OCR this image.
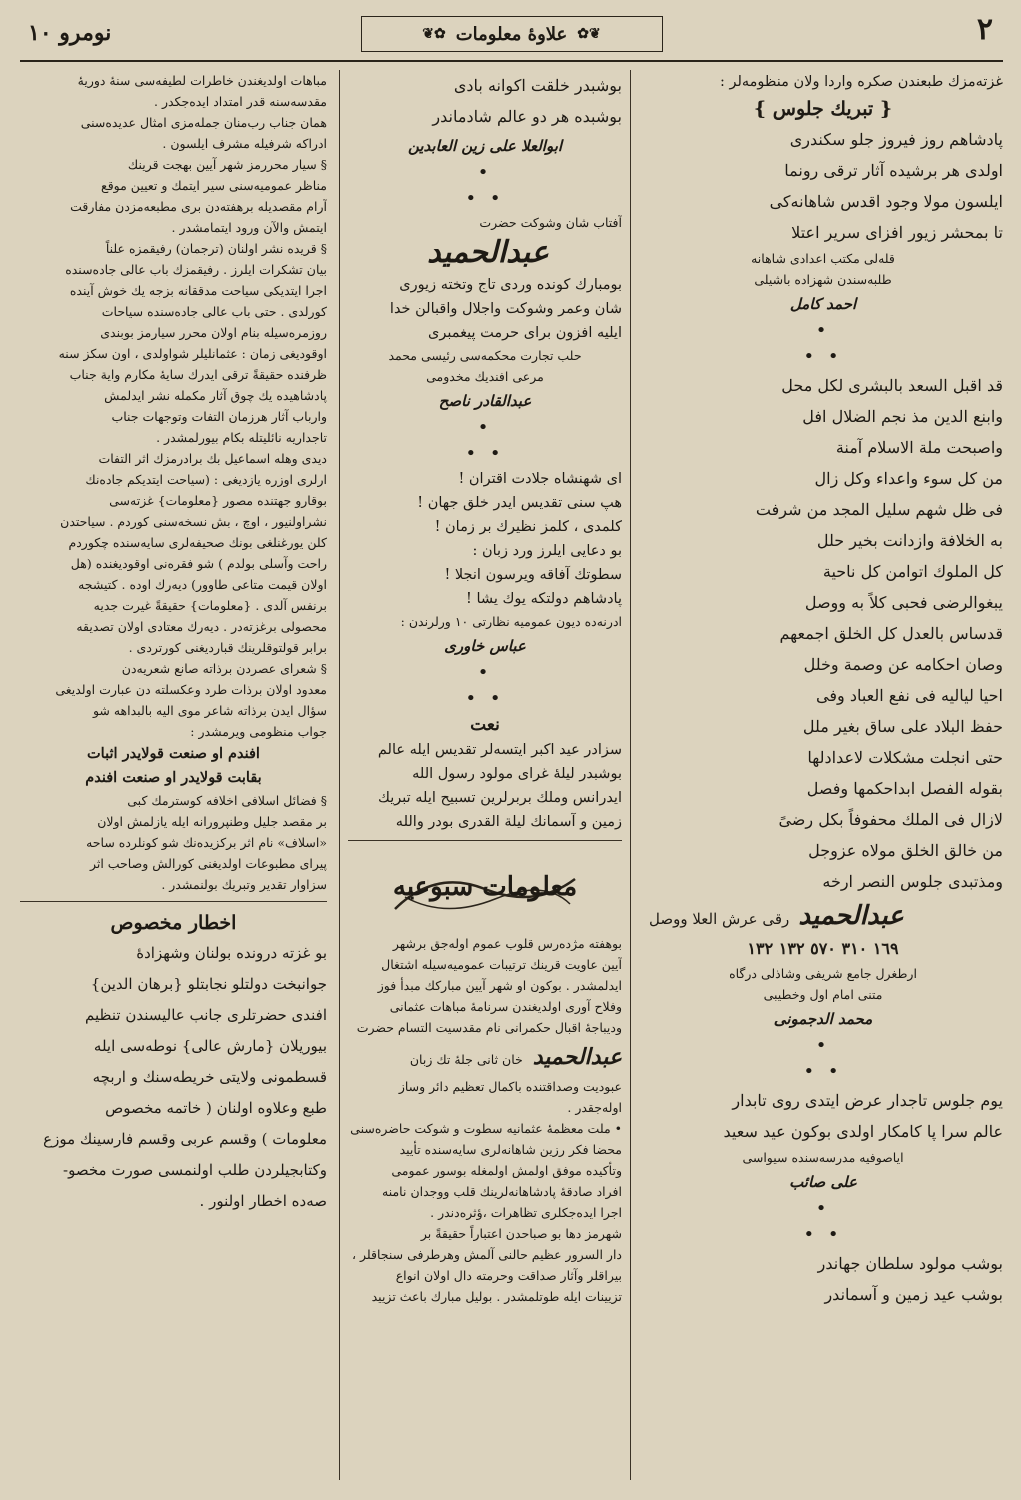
٢
✿❦
علاوهٔ معلومات
❦✿
نومرو ١٠
غزته‌مزك طبعندن صکره واردا ولان منظومه‌لر :
{ تبريك جلوس }
پادشاهم روز فيروز جلو سكندرى
اولدى هر برشيده آثار ترقى رونما
ايلسون مولا وجود اقدس شاهانه‌كى
تا بمحشر زيور افزاى سرير اعتلا
قله‌لى مكتب اعدادى شاهانه
طلبه‌سندن شهزاده باشيلى
احمد كامل
•
• •
قد اقبل السعد بالبشرى لكل محل
وابنع الدين مذ نجم الضلال افل
واصبحت ملة الاسلام آمنة
من كل سوء واعداء وكل زال
فى ظل شهم سليل المجد من شرفت
به الخلافة وازدانت بخير حلل
كل الملوك اتوامن كل ناحية
يبغوالرضى فحبى كلاً به ووصل
قدساس بالعدل كل الخلق اجمعهم
وصان احكامه عن وصمة وخلل
احيا لياليه فى نفع العباد وفى
حفظ البلاد على ساق بغير ملل
حتى انجلت مشكلات لاعدادلها
بقوله الفصل ابداحكمها وفصل
لازال فى الملك محفوفاً بكل رضىً
من خالق الخلق مولاه عزوجل
ومذتبدى جلوس النصر ارخه
عبدالحميد رقى عرش العلا ووصل
١٦٩ ٣١٠ ٥٧٠ ١٣٢ ١٣٢
ارطغرل جامع شريفى وشاذلى درگاه
متنى امام اول وخطيبى
محمد الدجمونى
•
• •
يوم جلوس تاجدار عرض ايتدى روى تابدار
عالم سرا پا كامكار اولدى بوكون عيد سعيد
اياصوفيه مدرسه‌سنده سيواسى
على صائب
•
• •
بوشب مولود سلطان جهاندر
بوشب عيد زمين و آسماندر
بوشبدر خلقت اكوانه بادى
بوشبده هر دو عالم شادماندر
ابوالعلا على زين العابدين
•
• •
آفتاب شان وشوكت حضرت
عبدالحميد
بومبارك كونده وردى تاج وتخته زيورى
شان وعمر وشوكت واجلال واقبالن خدا
ايليه افزون براى حرمت پيغمبرى
حلب تجارت محكمه‌سى رئيسى محمد
مرعى افنديك مخدومى
عبدالقادر ناصح
•
• •
اى شهنشاه جلادت اقتران !
هپ سنى تقديس ايدر خلق جهان !
كلمدى ، كلمز نظيرك بر زمان !
بو دعايى ايلرز ورد زبان :
سطوتك آفاقه ويرسون انجلا !
پادشاهم دولتكه يوك يشا !
ادرنه‌ده ديون عموميه نظارتى ١٠ ورلرندن :
عباس خاورى
•
• •
نعت
سزادر عيد اكبر ايتسه‌لر تقديس ايله عالم
بوشبدر ليلهٔ غراى مولود رسول الله
ايدرانس وملك بربرلرين تسبيح ايله تبريك
زمين و آسمانك ليلة القدرى بودر والله
معلومات سبوعيه
بوهفته مژده‌رس قلوب عموم اوله‌جق برشهر
آيين عاويت قرينك ترتيبات عموميه‌سيله اشتغال
ايدلمشدر . بوكون او شهر آيين مباركك مبدأ فوز
وفلاح آورى اولديغندن سرنامهٔ مباهات عثمانى
وديباجهٔ اقبال حكمرانى نام مقدسيت التسام حضرت
عبدالحميد خان ثانى جلهٔ تك زبان
عبوديت وصداقتنده باكمال تعظيم دائر وساز
اوله‌جقدر .
• ملت معظمهٔ عثمانيه سطوت و شوكت حاضره‌سنى
محضا فكر رزين شاهانه‌لرى سايه‌سنده تأييد
وتأكيده موفق اولمش اولمغله بوسور عمومى
افراد صادقهٔ پادشاهانه‌لرينك قلب ووجدان نامنه
اجرا ايده‌جكلرى تظاهرات ،ؤثره‌دندر .
شهرمز دها بو صباحدن اعتباراً حقيقةً بر
دار السرور عظيم حالنى آلمش وهرطرفى سنجاقلر ،
بيراقلر وآثار صداقت وحرمته دال اولان انواع
تزيينات ايله طوتلمشدر . بوليل مبارك باعث تزييد
مباهات اولديغندن خاطرات لطيفه‌سى سنهٔ دوريهٔ
مقدسه‌سنه قدر امتداد ايده‌جكدر .
همان جناب رب‌منان جمله‌مزى امثال عديده‌سنى
ادراكه شرفيله مشرف ايلسون .
§ سيار محررمز شهر آيين بهجت قرينك
مناظر عموميه‌سنى سير ايتمك و تعيين موقع
آرام مقصديله برهفته‌دن برى مطبعه‌مزدن مفارقت
ايتمش والآن ورود ايتمامشدر .
§ قريده نشر اولنان (ترجمان) رفيقمزه علناً
بيان تشكرات ايلرز . رفيقمزك باب عالى جاده‌سنده
اجرا ايتديكى سياحت مدققانه بزجه يك خوش آينده
كورلدى . حتى باب عالى جاده‌سنده سياحات
روزمره‌سيله بنام اولان محرر سيارمز بوبندى
اوقوديغى زمان : عثمانليلر شواولدى ، اون سكز سنه
ظرفنده حقيقةً ترقى ايدرك سايهٔ مكارم واية جناب
پادشاهيده يك چوق آثار مكمله نشر ايدلمش
وارباب آثار هرزمان التفات وتوجهات جناب
تاجداريه نائليتله بكام بيورلمشدر .
ديدى وهله اسماعيل بك برادرمزك اثر التفات
ارلرى اوزره يازديغى : (سياحت ايتديكم جاده‌نك
بوقارو جهتنده مصور {معلومات} غزته‌سى
نشراولنيور ، اوچ ، بش نسخه‌سنى كوردم . سياحتدن
كلن يورغنلغى بونك صحيفه‌لرى سايه‌سنده چكوردم
راحت وآسلى بولدم ) شو فقره‌نى اوقوديغنده (هل
اولان قيمت متاعى طاوور) ديه‌رك اوده . كتيشجه
برنفس آلدى . {معلومات} حقيقةً غيرت جديه
محصولى برغزته‌در . ديه‌رك معتادى اولان تصديقه
برابر قولتوقلرينك قبارديغنى كورتردى .
§ شعراى عصردن برذاته صانع شعريه‌دن
معدود اولان برذات طرد وعكسلته دن عبارت اولديغى
سؤال ايدن برذاته شاعر موى اليه بالبداهه شو
جواب منظومى ويرمشدر :
افندم او صنعت قولايدر اثبات
بقابت قولايدر او صنعت افندم
§ فضائل اسلافى اخلافه كوسترمك كبى
بر مقصد جليل وطنپرورانه ايله يازلمش اولان
«اسلاف» نام اثر بركزيده‌نك شو كونلرده ساحه
پيراى مطبوعات اولديغنى كورالش وصاحب اثر
سزاوار تقدير وتبريك بولنمشدر .
اخطار مخصوص
بو غزته درونده بولنان وشهزادهٔ
جوانبخت دولتلو نجابتلو {برهان الدين}
افندى حضرتلرى جانب عاليسندن تنظيم
بيوريلان {مارش عالى} نوطه‌سى ايله
قسطمونى ولايتى خريطه‌سنك و اربچه
طبع وعلاوه اولنان ( خاتمه مخصوص
معلومات ) وقسم عربى وقسم فارسينك موزع
وكتابجيلردن طلب اولنمسى صورت مخصو-
صه‌ده اخطار اولنور .
